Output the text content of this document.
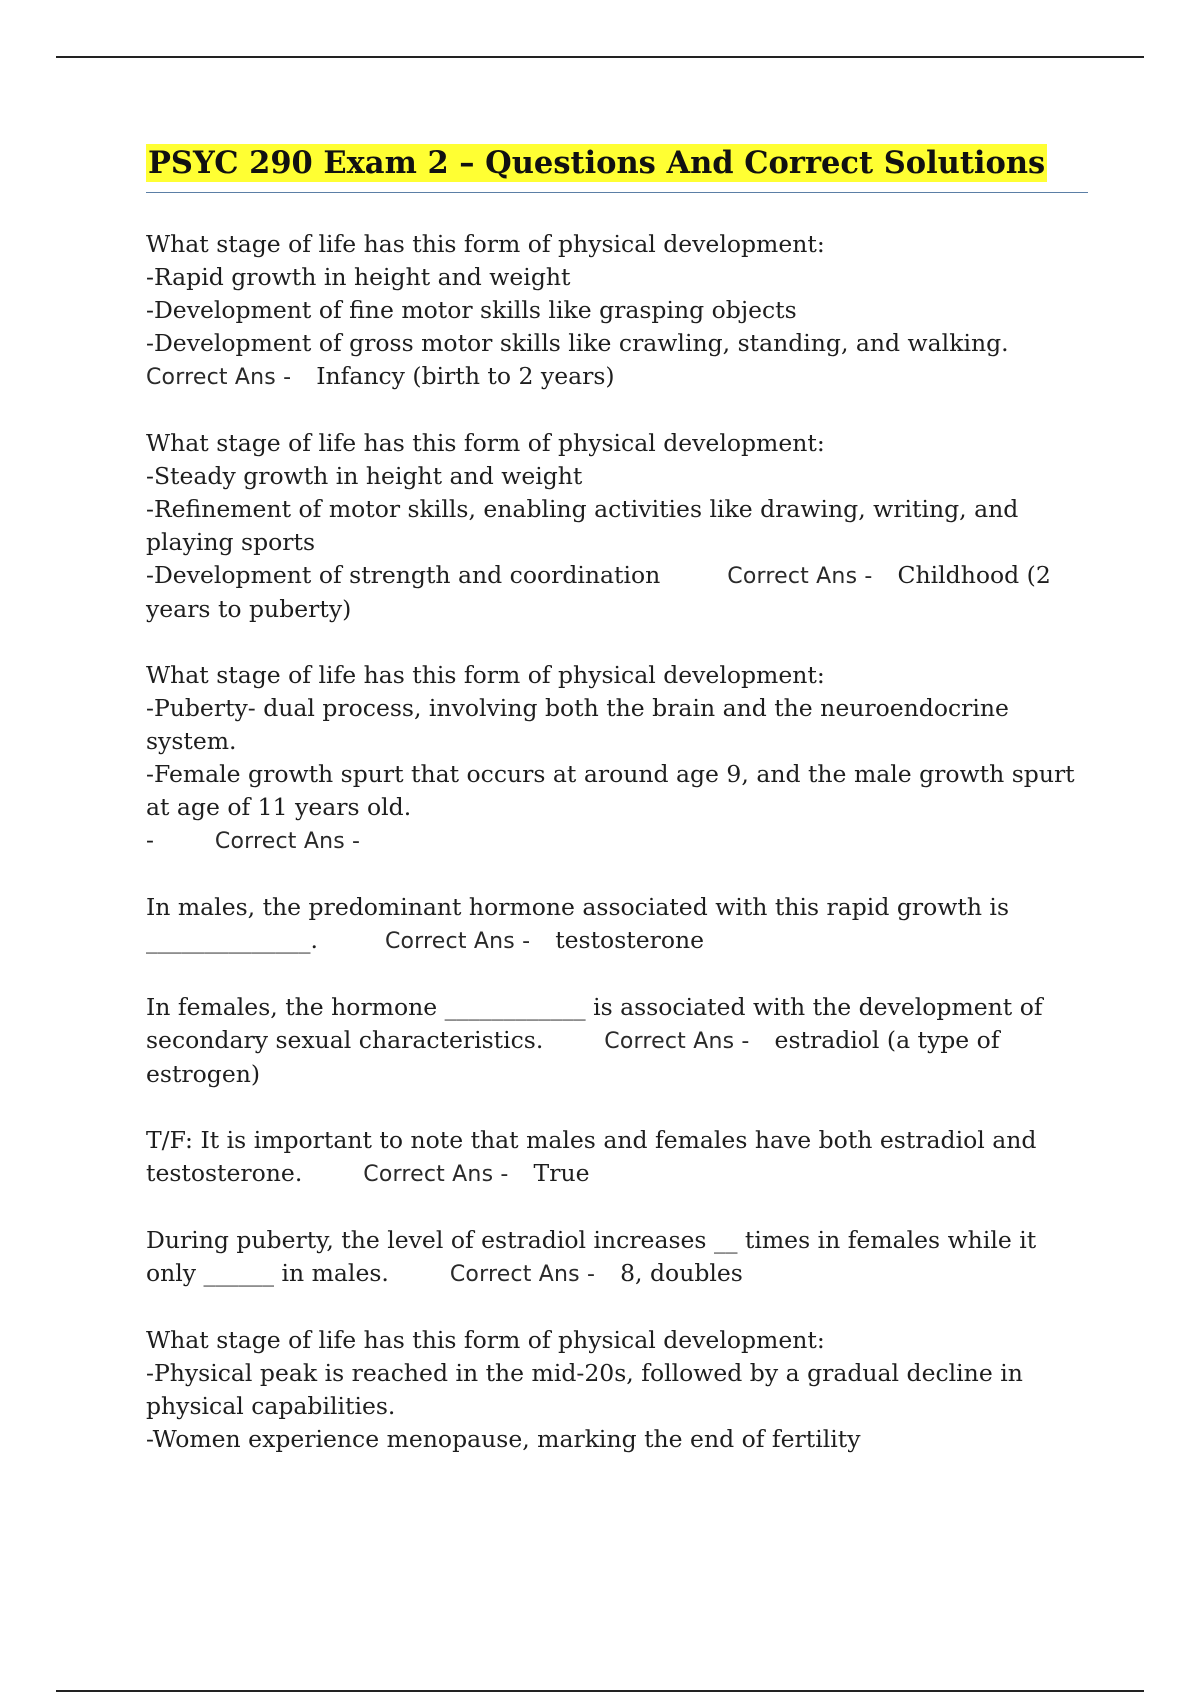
PSYC 290 Exam 2 – Questions And Correct Solutions
What stage of life has this form of physical development:
-Rapid growth in height and weight
-Development of fine motor skills like grasping objects
-Development of gross motor skills like crawling, standing, and walking.
Correct Ans - Infancy (birth to 2 years)
What stage of life has this form of physical development:
-Steady growth in height and weight
-Refinement of motor skills, enabling activities like drawing, writing, and
playing sports
-Development of strength and coordination	Correct Ans - Childhood (2
years to puberty)
What stage of life has this form of physical development:
-Puberty- dual process, involving both the brain and the neuroendocrine
system.
-Female growth spurt that occurs at around age 9, and the male growth spurt
at age of 11 years old.
-	Correct Ans -
In males, the predominant hormone associated with this rapid growth is
______________.	Correct Ans - testosterone
In females, the hormone ____________ is associated with the development of
secondary sexual characteristics.	Correct Ans - estradiol (a type of
estrogen)
T/F: It is important to note that males and females have both estradiol and
testosterone.	Correct Ans - True
During puberty, the level of estradiol increases __ times in females while it
only ______ in males.	Correct Ans - 8, doubles
What stage of life has this form of physical development:
-Physical peak is reached in the mid-20s, followed by a gradual decline in
physical capabilities.
-Women experience menopause, marking the end of fertility
